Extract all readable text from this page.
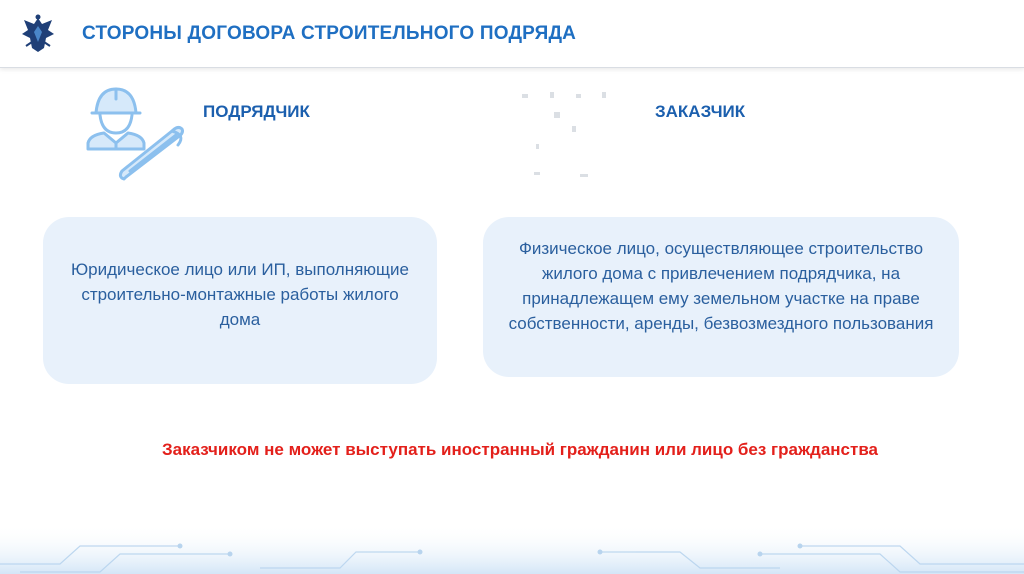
СТОРОНЫ ДОГОВОРА СТРОИТЕЛЬНОГО ПОДРЯДА
ПОДРЯДЧИК	ЗАКАЗЧИК
Юридическое лицо или ИП, выполняющие строительно-монтажные работы жилого дома
Физическое лицо, осуществляющее строительство жилого дома с привлечением подрядчика, на принадлежащем ему земельном участке на праве собственности, аренды, безвозмездного пользования
Заказчиком не может выступать иностранный гражданин или лицо без гражданства
